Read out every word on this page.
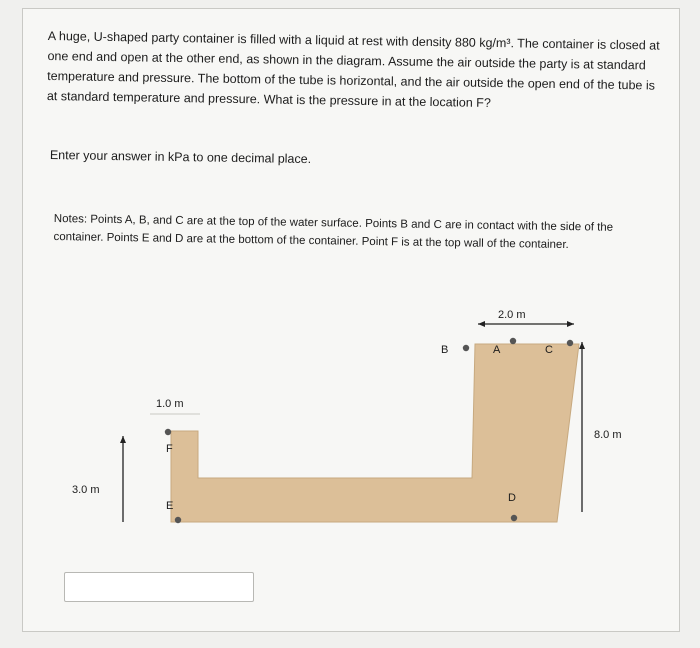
A huge, U-shaped party container is filled with a liquid at rest with density 880 kg/m³. The container is closed at one end and open at the other end, as shown in the diagram. Assume the air outside the party is at standard temperature and pressure. The bottom of the tube is horizontal, and the air outside the open end of the tube is at standard temperature and pressure. What is the pressure in at the location F?
Enter your answer in kPa to one decimal place.
Notes: Points A, B, and C are at the top of the water surface. Points B and C are in contact with the side of the container. Points E and D are at the bottom of the container. Point F is at the top wall of the container.
2.0 m
8.0 m
1.0 m
3.0 m
B	A	C
D
F
E
